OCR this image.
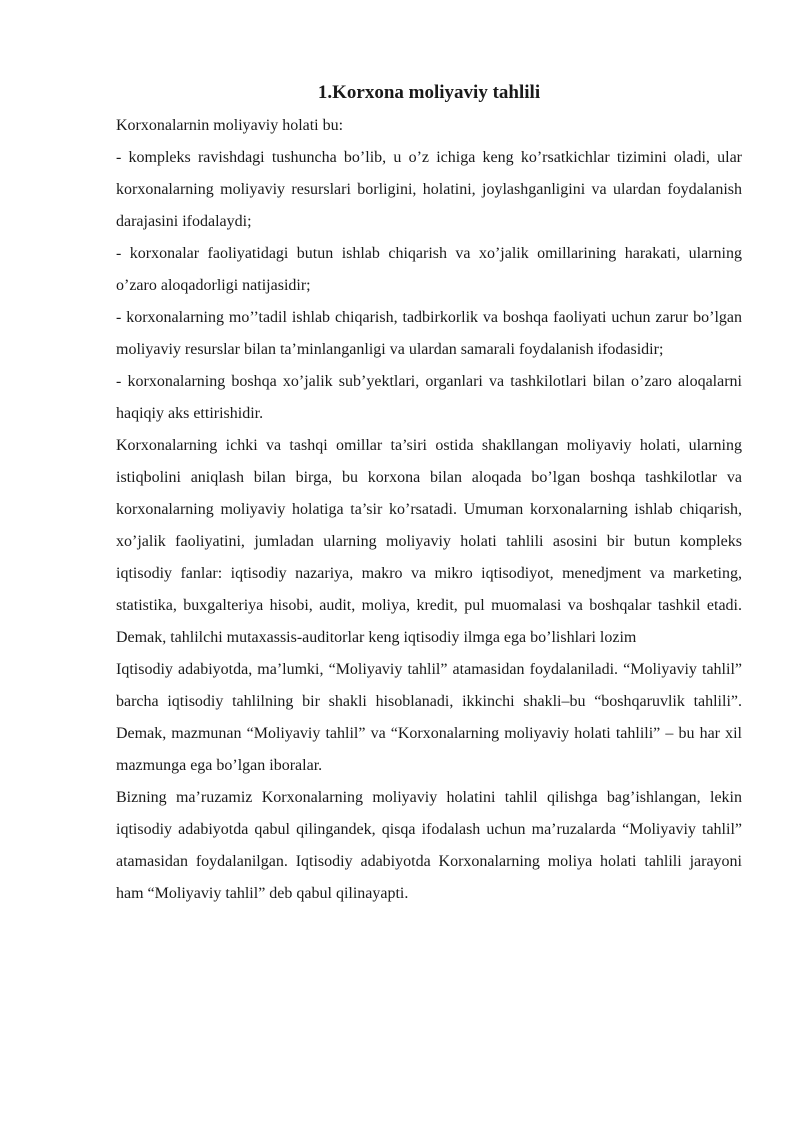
1.Korxona moliyaviy tahlili

Korxonalarnin moliyaviy holati bu:

- kompleks ravishdagi tushuncha bo’lib, u o’z ichiga keng ko’rsatkichlar tizimini oladi, ular korxonalarning moliyaviy resurslari borligini, holatini, joylashganligini va ulardan foydalanish darajasini ifodalaydi;

- korxonalar faoliyatidagi butun ishlab chiqarish va xo’jalik omillarining harakati, ularning o’zaro aloqadorligi natijasidir;

- korxonalarning mo’’tadil ishlab chiqarish, tadbirkorlik va boshqa faoliyati uchun zarur bo’lgan moliyaviy resurslar bilan ta’minlanganligi va ulardan samarali foydalanish ifodasidir;

- korxonalarning boshqa xo’jalik sub’yektlari, organlari va tashkilotlari bilan o’zaro aloqalarni haqiqiy aks ettirishidir.

Korxonalarning ichki va tashqi omillar ta’siri ostida shakllangan moliyaviy holati, ularning istiqbolini aniqlash bilan birga, bu korxona bilan aloqada bo’lgan boshqa tashkilotlar va korxonalarning moliyaviy holatiga ta’sir ko’rsatadi. Umuman korxonalarning ishlab chiqarish, xo’jalik faoliyatini, jumladan ularning moliyaviy holati tahlili asosini bir butun kompleks iqtisodiy fanlar: iqtisodiy nazariya, makro va mikro iqtisodiyot, menedjment va marketing, statistika, buxgalteriya hisobi, audit, moliya, kredit, pul muomalasi va boshqalar tashkil etadi. Demak, tahlilchi mutaxassis-auditorlar keng iqtisodiy ilmga ega bo’lishlari lozim

Iqtisodiy adabiyotda, ma’lumki, “Moliyaviy tahlil” atamasidan foydalaniladi. “Moliyaviy tahlil” barcha iqtisodiy tahlilning bir shakli hisoblanadi, ikkinchi shakli–bu “boshqaruvlik tahlili”. Demak, mazmunan “Moliyaviy tahlil” va “Korxonalarning moliyaviy holati tahlili” – bu har xil mazmunga ega bo’lgan iboralar.

Bizning ma’ruzamiz Korxonalarning moliyaviy holatini tahlil qilishga bag’ishlangan, lekin iqtisodiy adabiyotda qabul qilingandek, qisqa ifodalash uchun ma’ruzalarda “Moliyaviy tahlil” atamasidan foydalanilgan. Iqtisodiy adabiyotda Korxonalarning moliya holati tahlili jarayoni ham “Moliyaviy tahlil” deb qabul qilinayapti.
